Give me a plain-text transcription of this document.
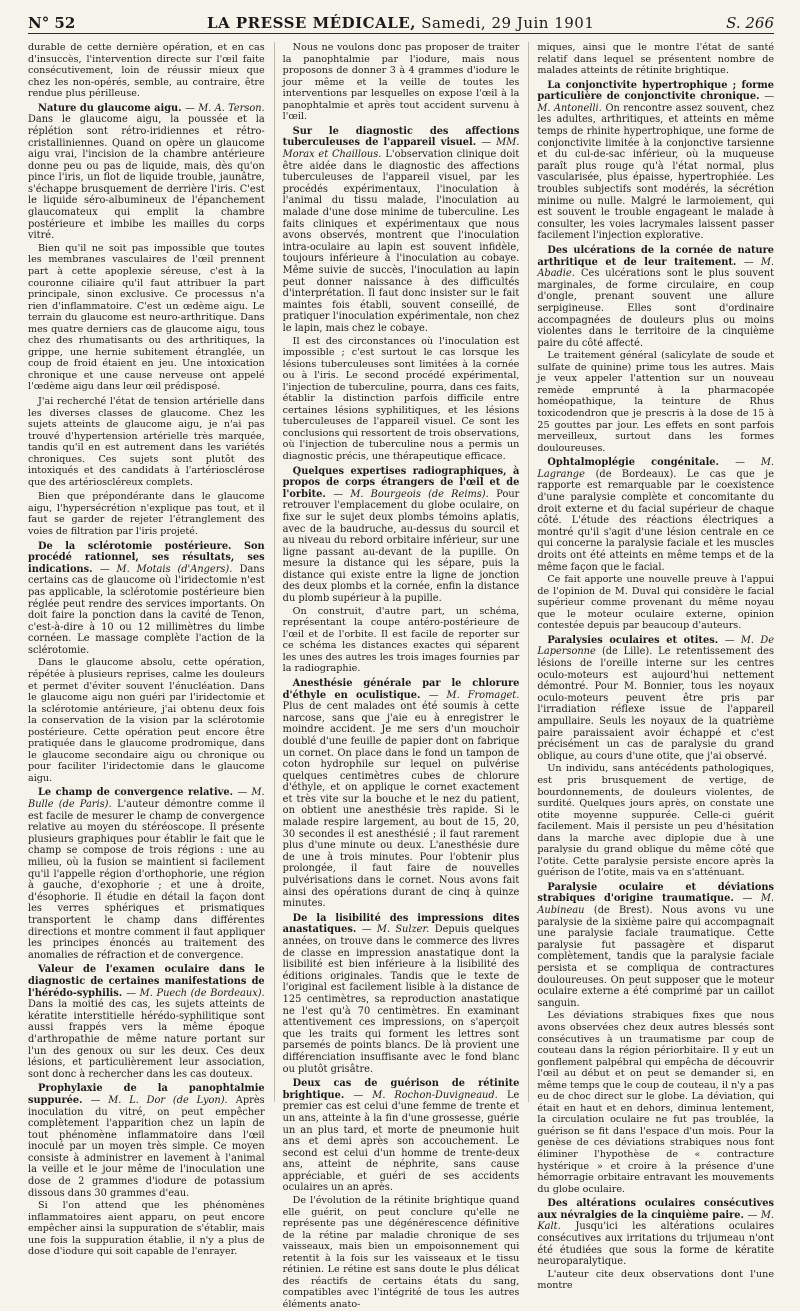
N° 52	LA PRESSE MÉDICALE, Samedi, 29 Juin 1901	S. 266

durable de cette dernière opération, et en cas d'insuccès, l'intervention directe sur l'œil faite consécutivement, loin de réussir mieux que chez les non-opérés, semble, au contraire, être rendue plus périlleuse.

Nature du glaucome aigu. — M. A. Terson. Dans le glaucome aigu, la poussée et la réplétion sont rétro-iridiennes et rétro-cristalliniennes. Quand on opère un glaucome aigu vrai, l'incision de la chambre antérieure donne peu ou pas de liquide, mais, dès qu'on pince l'iris, un flot de liquide trouble, jaunâtre, s'échappe brusquement de derrière l'iris. C'est le liquide séro-albumineux de l'épanchement glaucomateux qui emplit la chambre postérieure et imbibe les mailles du corps vitré.

Bien qu'il ne soit pas impossible que toutes les membranes vasculaires de l'œil prennent part à cette apoplexie séreuse, c'est à la couronne ciliaire qu'il faut attribuer la part principale, sinon exclusive. Ce processus n'a rien d'inflammatoire. C'est un œdème aigu. Le terrain du glaucome est neuro-arthritique. Dans mes quatre derniers cas de glaucome aigu, tous chez des rhumatisants ou des arthritiques, la grippe, une hernie subitement étranglée, un coup de froid étaient en jeu. Une intoxication chronique et une cause nerveuse ont appelé l'œdème aigu dans leur œil prédisposé.

J'ai recherché l'état de tension artérielle dans les diverses classes de glaucome. Chez les sujets atteints de glaucome aigu, je n'ai pas trouvé d'hypertension artérielle très marquée, tandis qu'il en est autrement dans les variétés chroniques. Ces sujets sont plutôt des intoxiqués et des candidats à l'artériosclérose que des artérioscléreux complets.

Bien que prépondérante dans le glaucome aigu, l'hypersécrétion n'explique pas tout, et il faut se garder de rejeter l'étranglement des voies de filtration par l'iris projeté.

De la sclérotomie postérieure. Son procédé rationnel, ses résultats, ses indications. — M. Motais (d'Angers). Dans certains cas de glaucome où l'iridectomie n'est pas applicable, la sclérotomie postérieure bien réglée peut rendre des services importants. On doit faire la ponction dans la cavité de Tenon, c'est-à-dire à 10 ou 12 millimètres du limbe cornéen. Le massage complète l'action de la sclérotomie.

Dans le glaucome absolu, cette opération, répétée à plusieurs reprises, calme les douleurs et permet d'éviter souvent l'énucléation. Dans le glaucome aigu non guéri par l'iridectomie et la sclérotomie antérieure, j'ai obtenu deux fois la conservation de la vision par la sclérotomie postérieure. Cette opération peut encore être pratiquée dans le glaucome prodromique, dans le glaucome secondaire aigu ou chronique ou pour faciliter l'iridectomie dans le glaucome aigu.

Le champ de convergence relative. — M. Bulle (de Paris). L'auteur démontre comme il est facile de mesurer le champ de convergence relative au moyen du stéréoscope. Il présente plusieurs graphiques pour établir le fait que le champ se compose de trois régions : une au milieu, où la fusion se maintient si facilement qu'il l'appelle région d'orthophorie, une région à gauche, d'exophorie ; et une à droite, d'ésophorie. Il étudie en détail la façon dont les verres sphériques et prismatiques transportent le champ dans différentes directions et montre comment il faut appliquer les principes énoncés au traitement des anomalies de réfraction et de convergence.
Valeur de l'examen oculaire dans le diagnostic de certaines manifestations de l'hérédo-syphilis. — M. Puech (de Bordeaux). Dans la moitié des cas, les sujets atteints de kératite interstitielle hérédo-syphilitique sont aussi frappés vers la même époque d'arthropathie de même nature portant sur l'un des genoux ou sur les deux. Ces deux lésions, et particulièrement leur association, sont donc à rechercher dans les cas douteux.
Prophylaxie de la panophtalmie suppurée. — M. L. Dor (de Lyon). Après inoculation du vitré, on peut empêcher complètement l'apparition chez un lapin de tout phénomène inflammatoire dans l'œil inoculé par un moyen très simple. Ce moyen consiste à administrer en lavement à l'animal la veille et le jour même de l'inoculation une dose de 2 grammes d'iodure de potassium dissous dans 30 grammes d'eau.

Si l'on attend que les phénomènes inflammatoires aient apparu, on peut encore empêcher ainsi la suppuration de s'établir, mais une fois la suppuration établie, il n'y a plus de dose d'iodure qui soit capable de l'enrayer.

Nous ne voulons donc pas proposer de traiter la panophtalmie par l'iodure, mais nous proposons de donner 3 à 4 grammes d'iodure le jour même et la veille de toutes les interventions par lesquelles on expose l'œil à la panophtalmie et après tout accident survenu à l'œil.

Sur le diagnostic des affections tuberculeuses de l'appareil visuel. — MM. Morax et Chaillous. L'observation clinique doit être aidée dans le diagnostic des affections tuberculeuses de l'appareil visuel, par les procédés expérimentaux, l'inoculation à l'animal du tissu malade, l'inoculation au malade d'une dose minime de tuberculine. Les faits cliniques et expérimentaux que nous avons observés, montrent que l'inoculation intra-oculaire au lapin est souvent infidèle, toujours inférieure à l'inoculation au cobaye. Même suivie de succès, l'inoculation au lapin peut donner naissance à des difficultés d'interprétation. Il faut donc insister sur le fait maintes fois établi, souvent conseillé, de pratiquer l'inoculation expérimentale, non chez le lapin, mais chez le cobaye.

Il est des circonstances où l'inoculation est impossible ; c'est surtout le cas lorsque les lésions tuberculeuses sont limitées à la cornée ou à l'iris. Le second procédé expérimental, l'injection de tuberculine, pourra, dans ces faits, établir la distinction parfois difficile entre certaines lésions syphilitiques, et les lésions tuberculeuses de l'appareil visuel. Ce sont les conclusions qui ressortent de trois observations, où l'injection de tuberculine nous a permis un diagnostic précis, une thérapeutique efficace.

Quelques expertises radiographiques, à propos de corps étrangers de l'œil et de l'orbite. — M. Bourgeois (de Reims). Pour retrouver l'emplacement du globe oculaire, on fixe sur le sujet deux plombs témoins aplatis, avec de la baudruche, au-dessus du sourcil et au niveau du rebord orbitaire inférieur, sur une ligne passant au-devant de la pupille. On mesure la distance qui les sépare, puis la distance qui existe entre la ligne de jonction des deux plombs et la cornée, enfin la distance du plomb supérieur à la pupille.

On construit, d'autre part, un schéma, représentant la coupe antéro-postérieure de l'œil et de l'orbite. Il est facile de reporter sur ce schéma les distances exactes qui séparent les unes des autres les trois images fournies par la radiographie.

Anesthésie générale par le chlorure d'éthyle en oculistique. — M. Fromaget. Plus de cent malades ont été soumis à cette narcose, sans que j'aie eu à enregistrer le moindre accident. Je me sers d'un mouchoir doublé d'une feuille de papier dont on fabrique un cornet. On place dans le fond un tampon de coton hydrophile sur lequel on pulvérise quelques centimètres cubes de chlorure d'éthyle, et on applique le cornet exactement et très vite sur la bouche et le nez du patient, on obtient une anesthésie très rapide. Si le malade respire largement, au bout de 15, 20, 30 secondes il est anesthésié ; il faut rarement plus d'une minute ou deux. L'anesthésie dure de une à trois minutes. Pour l'obtenir plus prolongée, il faut faire de nouvelles pulvérisations dans le cornet. Nous avons fait ainsi des opérations durant de cinq à quinze minutes.
De la lisibilité des impressions dites anastatiques. — M. Sulzer. Depuis quelques années, on trouve dans le commerce des livres de classe en impression anastatique dont la lisibilité est bien inférieure à la lisibilité des éditions originales. Tandis que le texte de l'original est facilement lisible à la distance de 125 centimètres, sa reproduction anastatique ne l'est qu'à 70 centimètres. En examinant attentivement ces impressions, on s'aperçoit que les traits qui forment les lettres sont parsemés de points blancs. De là provient une différenciation insuffisante avec le fond blanc ou plutôt grisâtre.
Deux cas de guérison de rétinite brightique. — M. Rochon-Duvigneaud. Le premier cas est celui d'une femme de trente et un ans, atteinte à la fin d'une grossesse, guérie un an plus tard, et morte de pneumonie huit ans et demi après son accouchement. Le second est celui d'un homme de trente-deux ans, atteint de néphrite, sans cause appréciable, et guéri de ses accidents oculaires un an après.

De l'évolution de la rétinite brightique quand elle guérit, on peut conclure qu'elle ne représente pas une dégénérescence définitive de la rétine par maladie chronique de ses vaisseaux, mais bien un empoisonnement qui retentit à la fois sur les vaisseaux et le tissu rétinien. Le rétine est sans doute le plus délicat des réactifs de certains états du sang, compatibles avec l'intégrité de tous les autres éléments anato-

miques, ainsi que le montre l'état de santé relatif dans lequel se présentent nombre de malades atteints de rétinite brightique.

La conjonctivite hypertrophique ; forme particulière de conjonctivite chronique. — M. Antonelli. On rencontre assez souvent, chez les adultes, arthritiques, et atteints en même temps de rhinite hypertrophique, une forme de conjonctivite limitée à la conjonctive tarsienne et du cul-de-sac inférieur, où la muqueuse paraît plus rouge qu'à l'état normal, plus vascularisée, plus épaisse, hypertrophiée. Les troubles subjectifs sont modérés, la sécrétion minime ou nulle. Malgré le larmoiement, qui est souvent le trouble engageant le malade à consulter, les voies lacrymales laissent passer facilement l'injection explorative.
Des ulcérations de la cornée de nature arthritique et de leur traitement. — M. Abadie. Ces ulcérations sont le plus souvent marginales, de forme circulaire, en coup d'ongle, prenant souvent une allure serpigineuse. Elles sont d'ordinaire accompagnées de douleurs plus ou moins violentes dans le territoire de la cinquième paire du côté affecté.

Le traitement général (salicylate de soude et sulfate de quinine) prime tous les autres. Mais je veux appeler l'attention sur un nouveau remède emprunté à la pharmacopée homéopathique, la teinture de Rhus toxicodendron que je prescris à la dose de 15 à 25 gouttes par jour. Les effets en sont parfois merveilleux, surtout dans les formes douloureuses.

Ophtalmoplégie congénitale. — M. Lagrange (de Bordeaux). Le cas que je rapporte est remarquable par le coexistence d'une paralysie complète et concomitante du droit externe et du facial supérieur de chaque côté. L'étude des réactions électriques a montré qu'il s'agit d'une lésion centrale en ce qui concerne la paralysie faciale et les muscles droits ont été atteints en même temps et de la même façon que le facial.

Ce fait apporte une nouvelle preuve à l'appui de l'opinion de M. Duval qui considère le facial supérieur comme provenant du même noyau que le moteur oculaire externe, opinion contestée depuis par beaucoup d'auteurs.

Paralysies oculaires et otites. — M. De Lapersonne (de Lille). Le retentissement des lésions de l'oreille interne sur les centres oculo-moteurs est aujourd'hui nettement démontré. Pour M. Bonnier, tous les noyaux oculo-moteurs peuvent être pris par l'irradiation réflexe issue de l'appareil ampullaire. Seuls les noyaux de la quatrième paire paraissaient avoir échappé et c'est précisément un cas de paralysie du grand oblique, au cours d'une otite, que j'ai observé.

Un individu, sans antécédents pathologiques, est pris brusquement de vertige, de bourdonnements, de douleurs violentes, de surdité. Quelques jours après, on constate une otite moyenne suppurée. Celle-ci guérit facilement. Mais il persiste un peu d'hésitation dans la marche avec diplopie due à une paralysie du grand oblique du même côté que l'otite. Cette paralysie persiste encore après la guérison de l'otite, mais va en s'atténuant.

Paralysie oculaire et déviations strabiques d'origine traumatique. — M. Aubineau (de Brest). Nous avons vu une paralysie de la sixième paire qui accompagnait une paralysie faciale traumatique. Cette paralysie fut passagère et disparut complètement, tandis que la paralysie faciale persista et se compliqua de contractures douloureuses. On peut supposer que le moteur oculaire externe a été comprimé par un caillot sanguin.

Les déviations strabiques fixes que nous avons observées chez deux autres blessés sont consécutives à un traumatisme par coup de couteau dans la région périorbitaire. Il y eut un gonflement palpébral qui empêcha de découvrir l'œil au début et on peut se demander si, en même temps que le coup de couteau, il n'y a pas eu de choc direct sur le globe. La déviation, qui était en haut et en dehors, diminua lentement, la circulation oculaire ne fut pas troublée, la guérison se fit dans l'espace d'un mois. Pour la genèse de ces déviations strabiques nous font éliminer l'hypothèse de « contracture hystérique » et croire à la présence d'une hémorragie orbitaire entravant les mouvements du globe oculaire.

Des altérations oculaires consécutives aux névralgies de la cinquième paire. — M. Kalt. Jusqu'ici les altérations oculaires consécutives aux irritations du trijumeau n'ont été étudiées que sous la forme de kératite neuroparalytique.

L'auteur cite deux observations dont l'une montre
